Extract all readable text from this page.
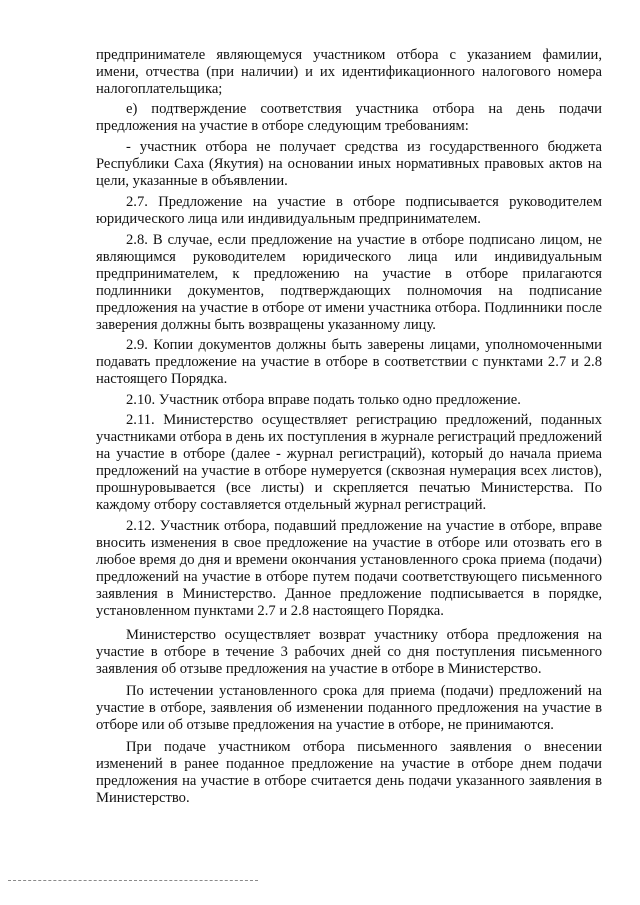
предпринимателе являющемуся участником отбора с указанием фамилии, имени, отчества (при наличии) и их идентификационного налогового номера налогоплательщика;

е) подтверждение соответствия участника отбора на день подачи предложения на участие в отборе следующим требованиям:

- участник отбора не получает средства из государственного бюджета Республики Саха (Якутия) на основании иных нормативных правовых актов на цели, указанные в объявлении.

2.7. Предложение на участие в отборе подписывается руководителем юридического лица или индивидуальным предпринимателем.

2.8. В случае, если предложение на участие в отборе подписано лицом, не являющимся руководителем юридического лица или индивидуальным предпринимателем, к предложению на участие в отборе прилагаются подлинники документов, подтверждающих полномочия на подписание предложения на участие в отборе от имени участника отбора. Подлинники после заверения должны быть возвращены указанному лицу.

2.9. Копии документов должны быть заверены лицами, уполномоченными подавать предложение на участие в отборе в соответствии с пунктами 2.7 и 2.8 настоящего Порядка.

2.10. Участник отбора вправе подать только одно предложение.

2.11. Министерство осуществляет регистрацию предложений, поданных участниками отбора в день их поступления в журнале регистраций предложений на участие в отборе (далее - журнал регистраций), который до начала приема предложений на участие в отборе нумеруется (сквозная нумерация всех листов), прошнуровывается (все листы) и скрепляется печатью Министерства. По каждому отбору составляется отдельный журнал регистраций.

2.12. Участник отбора, подавший предложение на участие в отборе, вправе вносить изменения в свое предложение на участие в отборе или отозвать его в любое время до дня и времени окончания установленного срока приема (подачи) предложений на участие в отборе путем подачи соответствующего письменного заявления в Министерство. Данное предложение подписывается в порядке, установленном пунктами 2.7 и 2.8 настоящего Порядка.

Министерство осуществляет возврат участнику отбора предложения на участие в отборе в течение 3 рабочих дней со дня поступления письменного заявления об отзыве предложения на участие в отборе в Министерство.

По истечении установленного срока для приема (подачи) предложений на участие в отборе, заявления об изменении поданного предложения на участие в отборе или об отзыве предложения на участие в отборе, не принимаются.

При подаче участником отбора письменного заявления о внесении изменений в ранее поданное предложение на участие в отборе днем подачи предложения на участие в отборе считается день подачи указанного заявления в Министерство.
